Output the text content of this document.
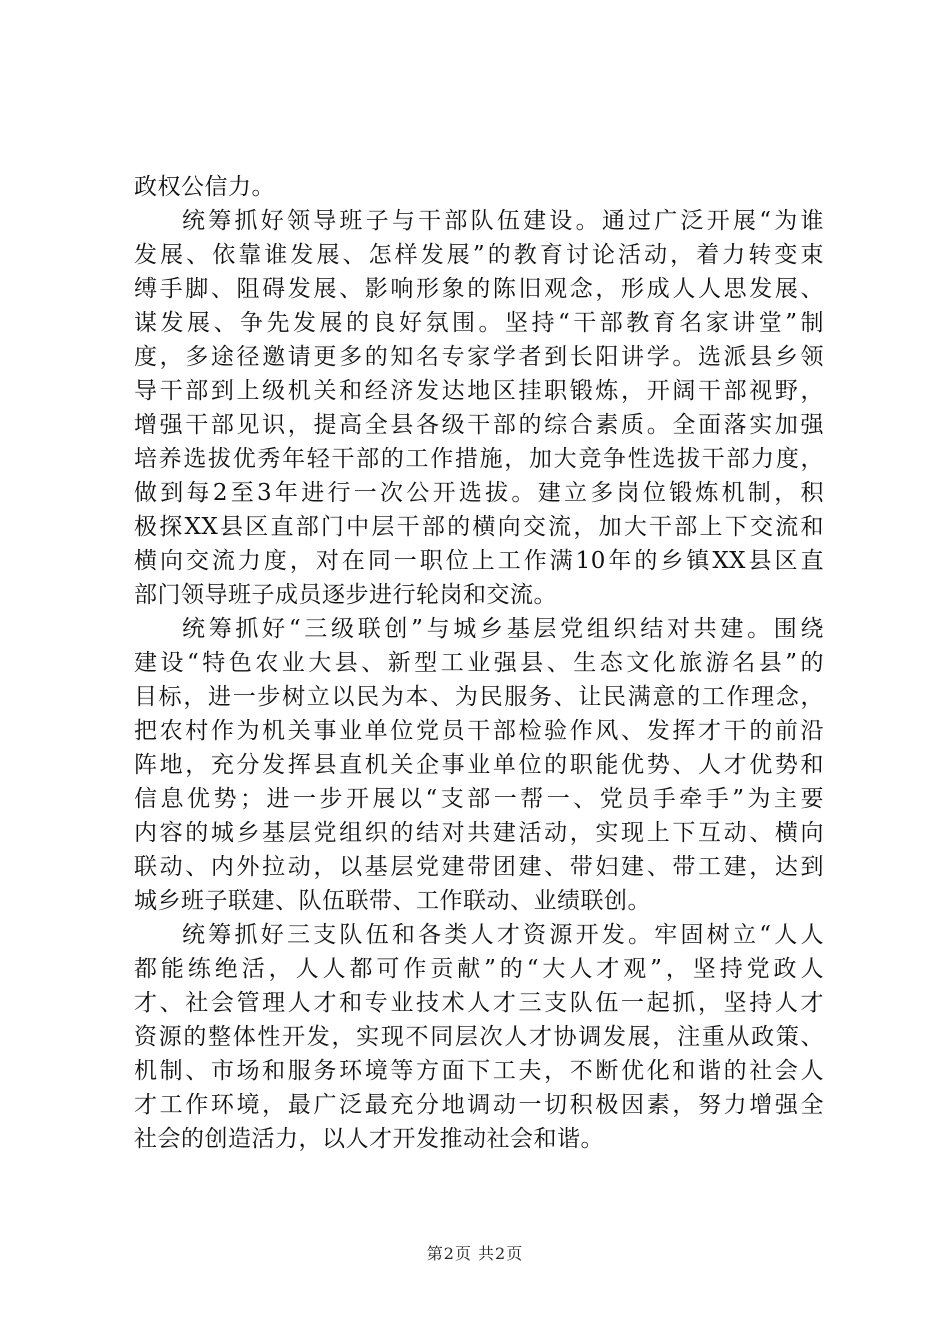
政权公信力。
统筹抓好领导班子与干部队伍建设。通过广泛开展“为谁
发展、依靠谁发展、怎样发展”的教育讨论活动，着力转变束
缚手脚、阻碍发展、影响形象的陈旧观念，形成人人思发展、
谋发展、争先发展的良好氛围。坚持“干部教育名家讲堂”制
度，多途径邀请更多的知名专家学者到长阳讲学。选派县乡领
导干部到上级机关和经济发达地区挂职锻炼，开阔干部视野，
增强干部见识，提高全县各级干部的综合素质。全面落实加强
培养选拔优秀年轻干部的工作措施，加大竞争性选拔干部力度，
做到每2至3年进行一次公开选拔。建立多岗位锻炼机制，积
极探XX县区直部门中层干部的横向交流，加大干部上下交流和
横向交流力度，对在同一职位上工作满10年的乡镇XX县区直
部门领导班子成员逐步进行轮岗和交流。
统筹抓好“三级联创”与城乡基层党组织结对共建。围绕
建设“特色农业大县、新型工业强县、生态文化旅游名县”的
目标，进一步树立以民为本、为民服务、让民满意的工作理念，
把农村作为机关事业单位党员干部检验作风、发挥才干的前沿
阵地，充分发挥县直机关企事业单位的职能优势、人才优势和
信息优势；进一步开展以“支部一帮一、党员手牵手”为主要
内容的城乡基层党组织的结对共建活动，实现上下互动、横向
联动、内外拉动，以基层党建带团建、带妇建、带工建，达到
城乡班子联建、队伍联带、工作联动、业绩联创。
统筹抓好三支队伍和各类人才资源开发。牢固树立“人人
都能练绝活，人人都可作贡献”的“大人才观”，坚持党政人
才、社会管理人才和专业技术人才三支队伍一起抓，坚持人才
资源的整体性开发，实现不同层次人才协调发展，注重从政策、
机制、市场和服务环境等方面下工夫，不断优化和谐的社会人
才工作环境，最广泛最充分地调动一切积极因素，努力增强全
社会的创造活力，以人才开发推动社会和谐。
第2页 共2页
